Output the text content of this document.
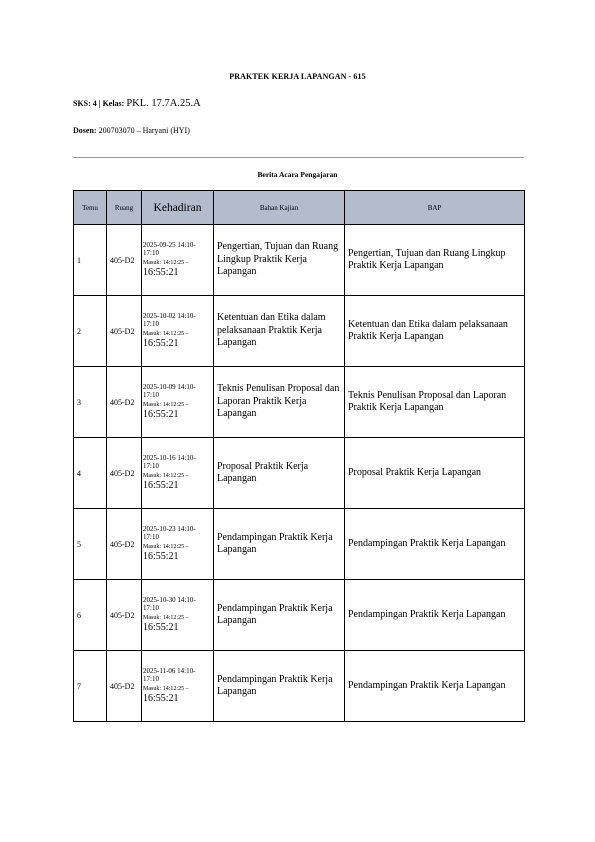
PRAKTEK KERJA LAPANGAN - 615
SKS: 4 | Kelas: PKL. 17.7A.25.A
Dosen: 200703070 – Haryani (HYI)
Berita Acara Pengajaran
Temu	Ruang	Kehadiran	Bahan Kajian	BAP
1	405-D2	2025-09-25 14:10-17:10
Masuk: 14:12:25 –
16:55:21	Pengertian, Tujuan dan Ruang Lingkup Praktik Kerja Lapangan	Pengertian, Tujuan dan Ruang Lingkup Praktik Kerja Lapangan
2	405-D2	2025-10-02 14:10-17:10
Masuk: 14:12:25 –
16:55:21	Ketentuan dan Etika dalam pelaksanaan Praktik Kerja Lapangan	Ketentuan dan Etika dalam pelaksanaan Praktik Kerja Lapangan
3	405-D2	2025-10-09 14:10-17:10
Masuk: 14:12:25 –
16:55:21	Teknis Penulisan Proposal dan Laporan Praktik Kerja Lapangan	Teknis Penulisan Proposal dan Laporan Praktik Kerja Lapangan
4	405-D2	2025-10-16 14:10-17:10
Masuk: 14:12:25 –
16:55:21	Proposal Praktik Kerja Lapangan	Proposal Praktik Kerja Lapangan
5	405-D2	2025-10-23 14:10-17:10
Masuk: 14:12:25 –
16:55:21	Pendampingan Praktik Kerja Lapangan	Pendampingan Praktik Kerja Lapangan
6	405-D2	2025-10-30 14:10-17:10
Masuk: 14:12:25 –
16:55:21	Pendampingan Praktik Kerja Lapangan	Pendampingan Praktik Kerja Lapangan
7	405-D2	2025-11-06 14:10-17:10
Masuk: 14:12:25 –
16:55:21	Pendampingan Praktik Kerja Lapangan	Pendampingan Praktik Kerja Lapangan
